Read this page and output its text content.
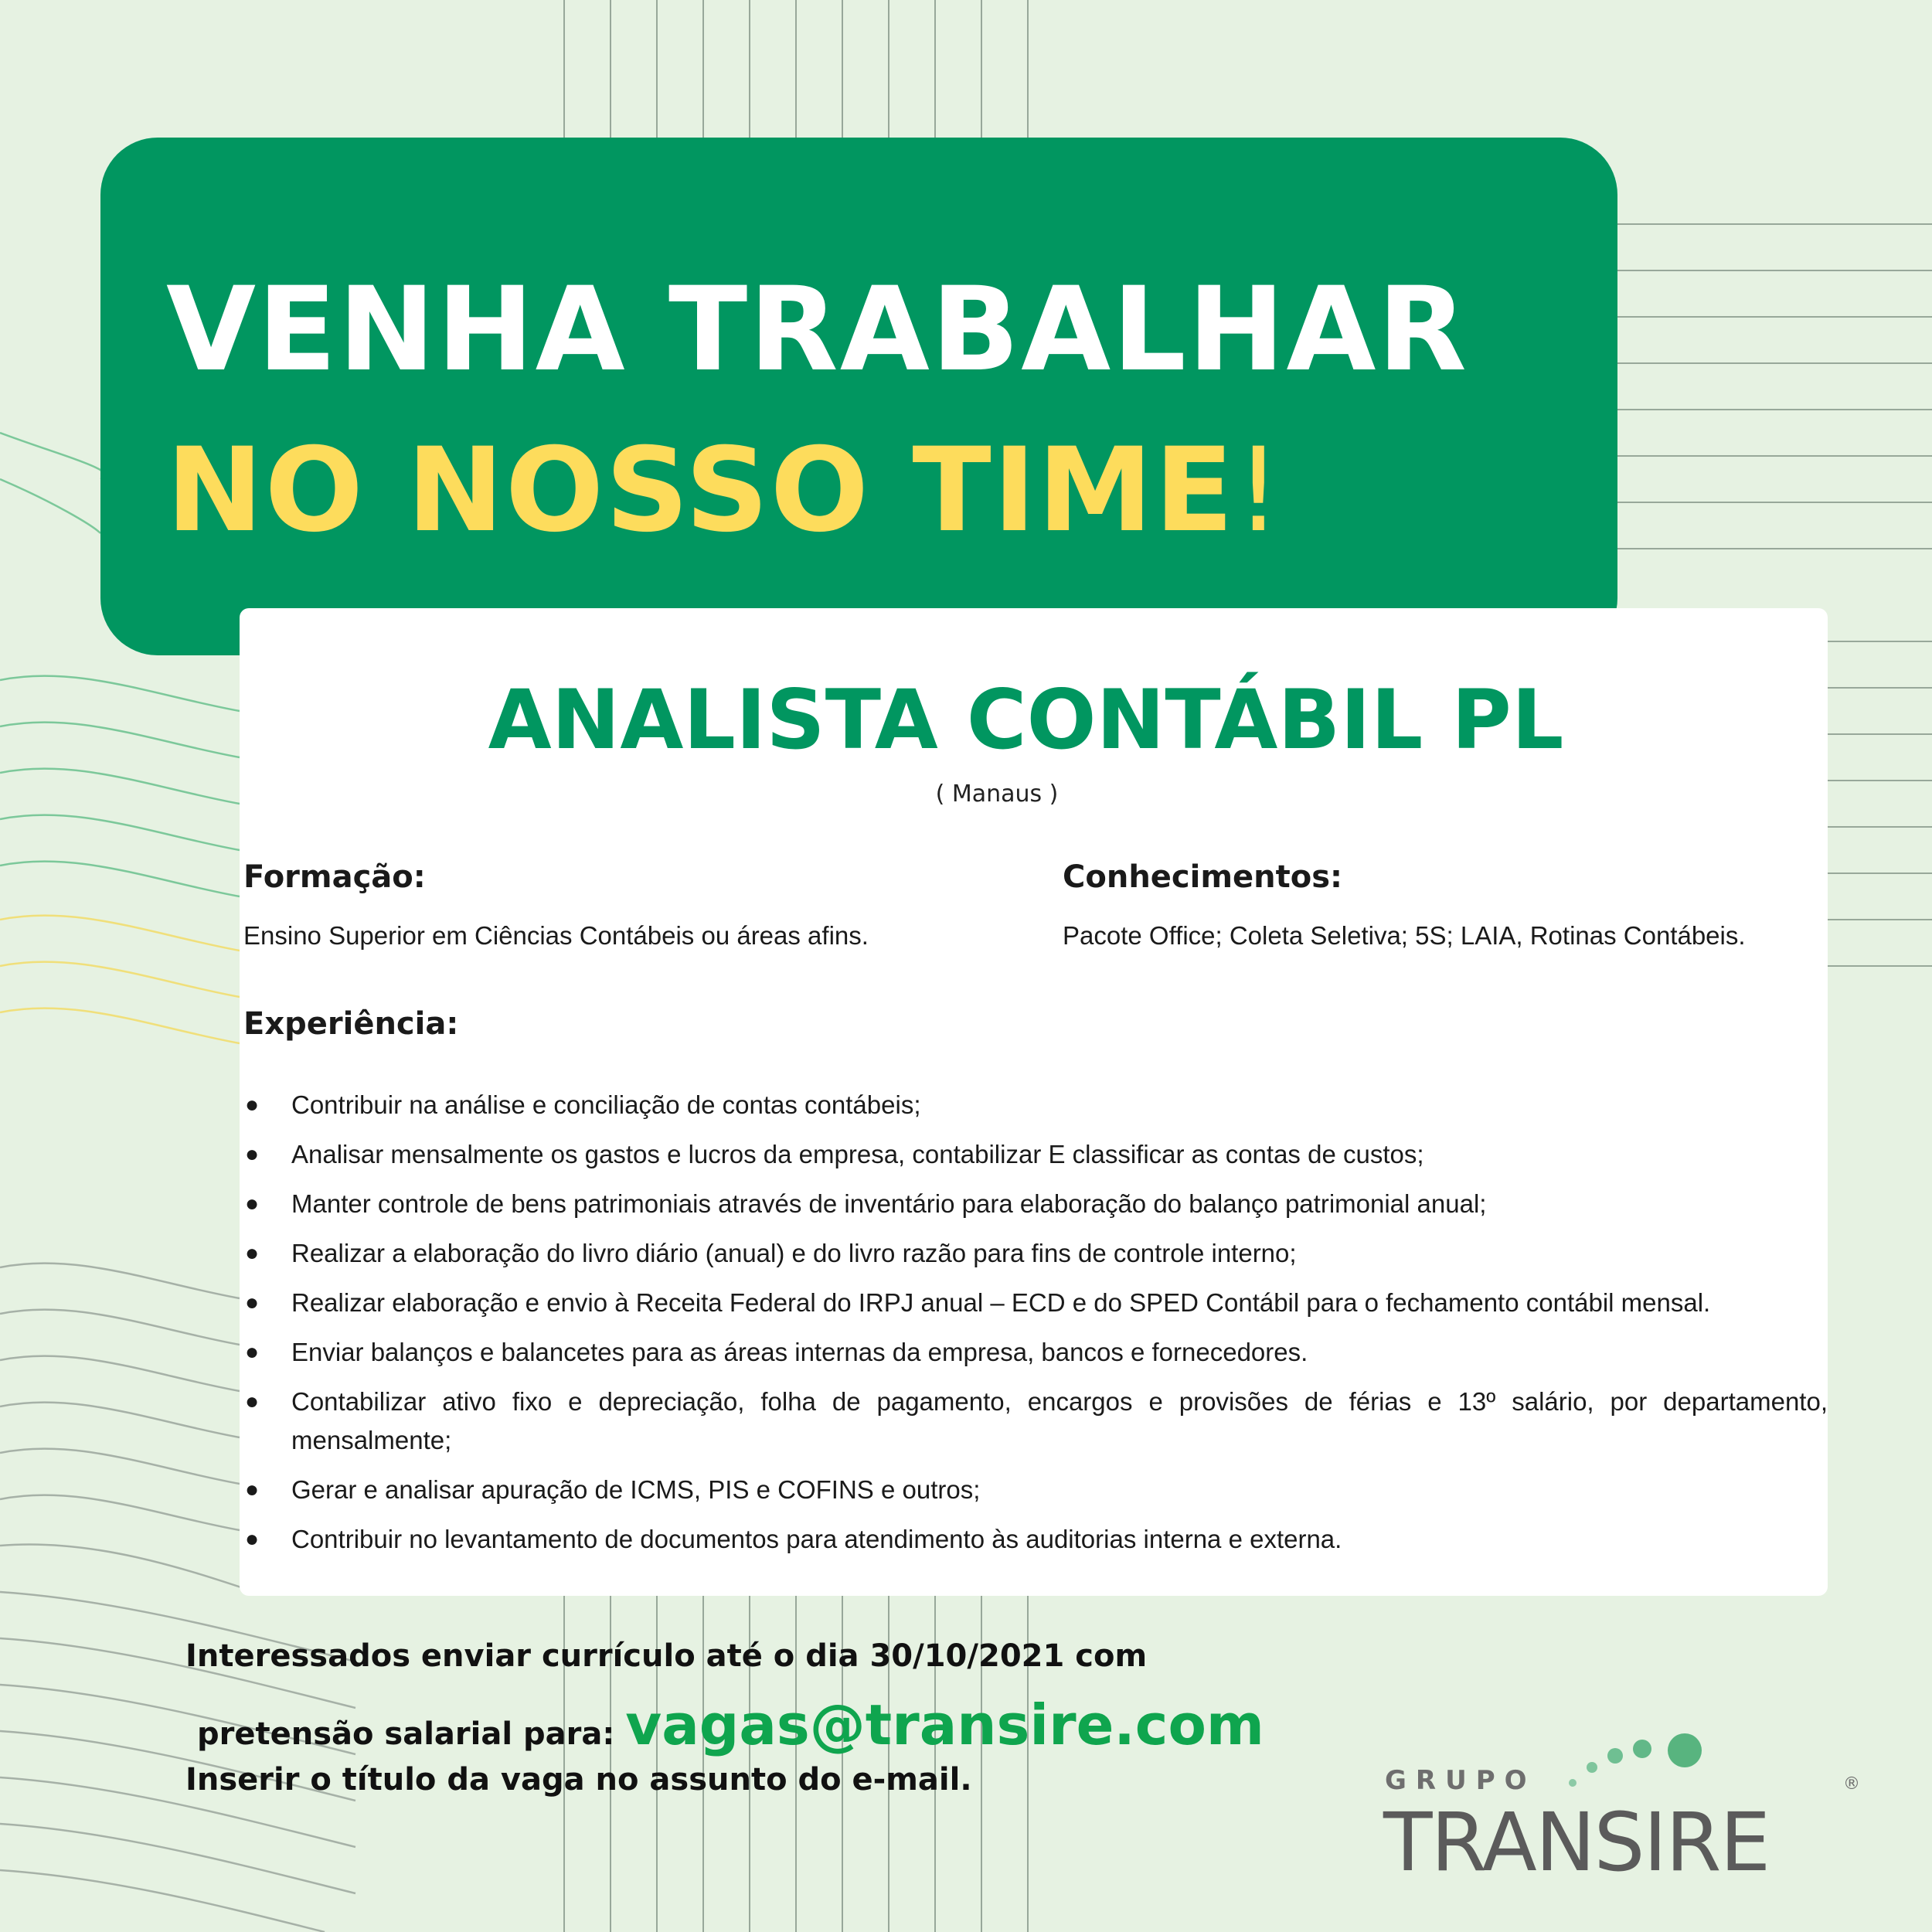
VENHA TRABALHAR
NO NOSSO TIME!
ANALISTA CONTÁBIL PL
( Manaus )
Formação:
Ensino Superior em Ciências Contábeis ou áreas afins.
Conhecimentos:
Pacote Office; Coleta Seletiva; 5S; LAIA, Rotinas Contábeis.
Experiência:
● Contribuir na análise e conciliação de contas contábeis;
● Analisar mensalmente os gastos e lucros da empresa, contabilizar E classificar as contas de custos;
● Manter controle de bens patrimoniais através de inventário para elaboração do balanço patrimonial anual;
● Realizar a elaboração do livro diário (anual) e do livro razão para fins de controle interno;
● Realizar elaboração e envio à Receita Federal do IRPJ anual – ECD e do SPED Contábil para o fechamento contábil mensal.
● Enviar balanços e balancetes para as áreas internas da empresa, bancos e fornecedores.
● Contabilizar ativo fixo e depreciação, folha de pagamento, encargos e provisões de férias e 13º salário, por departamento, mensalmente;
● Gerar e analisar apuração de ICMS, PIS e COFINS e outros;
● Contribuir no levantamento de documentos para atendimento às auditorias interna e externa.
Interessados enviar currículo até o dia 30/10/2021 com
pretensão salarial para: vagas@transire.com
Inserir o título da vaga no assunto do e-mail.	GRUPO
TRANSIRE
®
